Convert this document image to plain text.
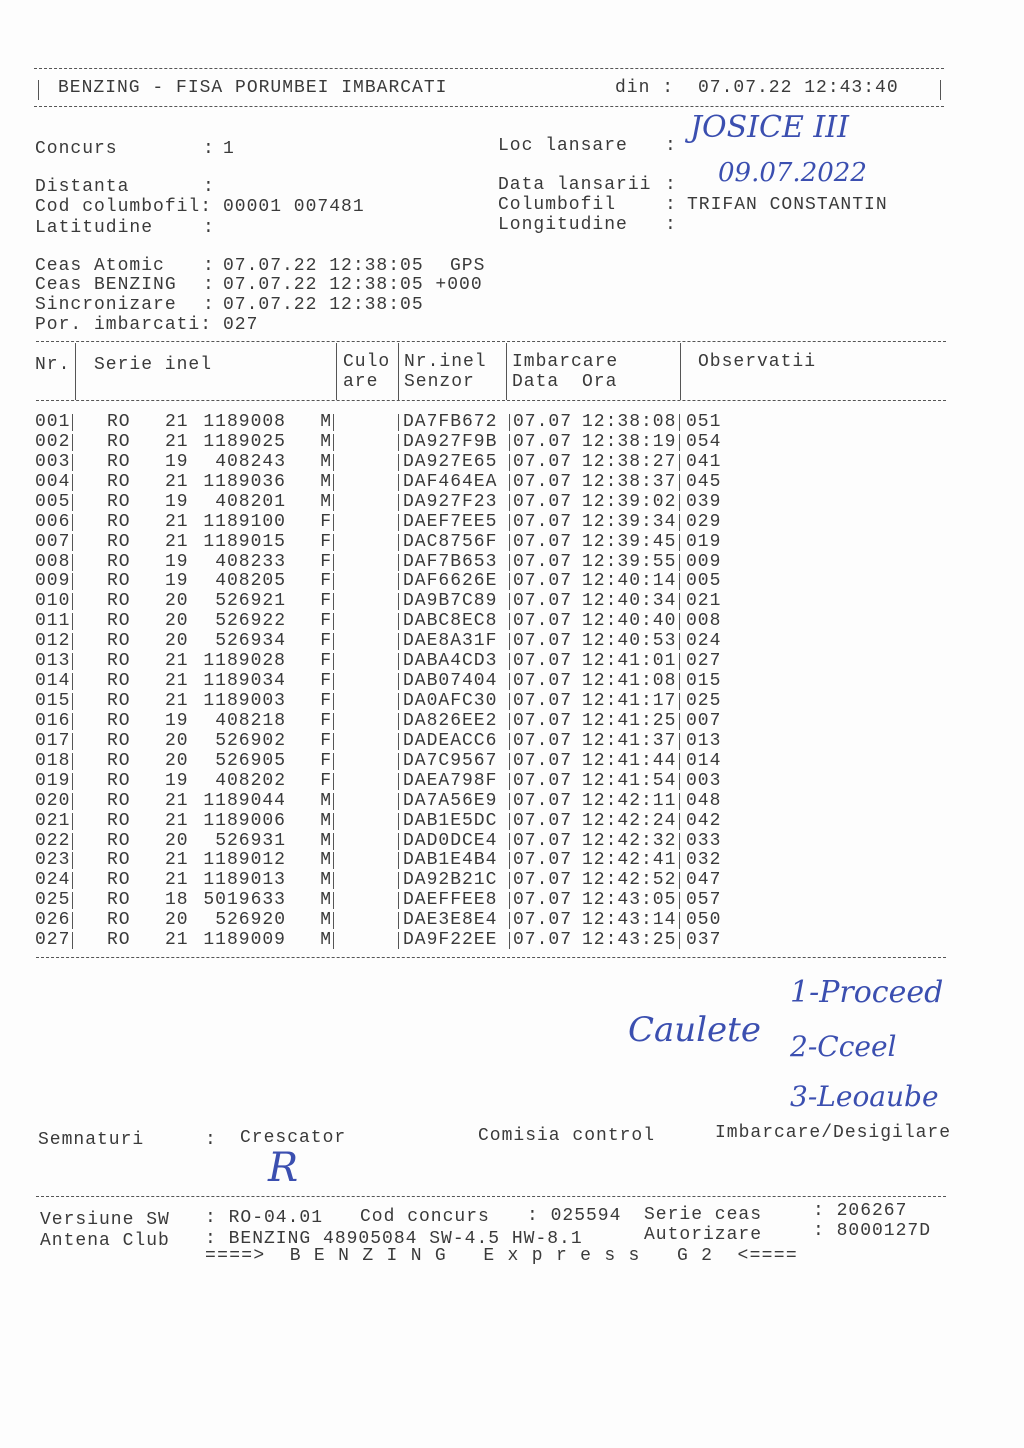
BENZING - FISA PORUMBEI IMBARCATI	din : 07.07.22 12:43:40
Concurs	: 1
Distanta	:
Cod columbofil: 00001 007481
Latitudine	:
Loc lansare :
JOSICE III
Data lansarii : 09.07.2022
Columbofil	: TRIFAN CONSTANTIN
Longitudine :
Ceas Atomic : 07.07.22 12:38:05 GPS
Ceas BENZING : 07.07.22 12:38:05 +000
Sincronizare : 07.07.22 12:38:05
Por. imbarcati: 027
Nr. Serie inel	Culo
are
Nr.inel
Senzor
Imbarcare
Data Ora
Observatii
001 RO 21 1189008	M	DA7FB672 07.07 12:38:08 051
002 RO 21 1189025	M	DA927F9B 07.07 12:38:19 054
003 RO 19	408243	M	DA927E65 07.07 12:38:27 041
004 RO 21 1189036	M	DAF464EA 07.07 12:38:37 045
005 RO 19	408201	M	DA927F23 07.07 12:39:02 039
006 RO 21 1189100	F	DAEF7EE5 07.07 12:39:34 029
007 RO 21 1189015	F	DAC8756F 07.07 12:39:45 019
008 RO 19	408233	F	DAF7B653 07.07 12:39:55 009
009 RO 19	408205	F	DAF6626E 07.07 12:40:14 005
010 RO 20	526921	F	DA9B7C89 07.07 12:40:34 021
011 RO 20	526922	F	DABC8EC8 07.07 12:40:40 008
012 RO 20	526934	F	DAE8A31F 07.07 12:40:53 024
013 RO 21 1189028	F	DABA4CD3 07.07 12:41:01 027
014 RO 21 1189034	F	DAB07404 07.07 12:41:08 015
015 RO 21 1189003	F	DA0AFC30 07.07 12:41:17 025
016 RO 19	408218	F	DA826EE2 07.07 12:41:25 007
017 RO 20	526902	F	DADEACC6 07.07 12:41:37 013
018 RO 20	526905	F	DA7C9567 07.07 12:41:44 014
019 RO 19	408202	F	DAEA798F 07.07 12:41:54 003
020 RO 21 1189044	M	DA7A56E9 07.07 12:42:11 048
021 RO 21 1189006	M	DAB1E5DC 07.07 12:42:24 042
022 RO 20	526931	M	DAD0DCE4 07.07 12:42:32 033
023 RO 21 1189012	M	DAB1E4B4 07.07 12:42:41 032
024 RO 21 1189013	M	DA92B21C 07.07 12:42:52 047
025 RO 18 5019633	M	DAEFFEE8 07.07 12:43:05 057
026 RO 20	526920	M	DAE3E8E4 07.07 12:43:14 050
027 RO 21 1189009	M	DA9F22EE 07.07 12:43:25 037
Caulete
1-Proceed
2-Cceel
3-Leoaube
Semnaturi	: Crescator	Comisia control	Imbarcare/Desigilare
R
Versiune SW : RO-04.01 Cod concurs : 025594 Serie ceas	: 206267
Antena Club : BENZING 48905084 SW-4.5 HW-8.1	Autorizare	: 8000127D
====>  B E N Z I N G   E x p r e s s   G 2  <====
